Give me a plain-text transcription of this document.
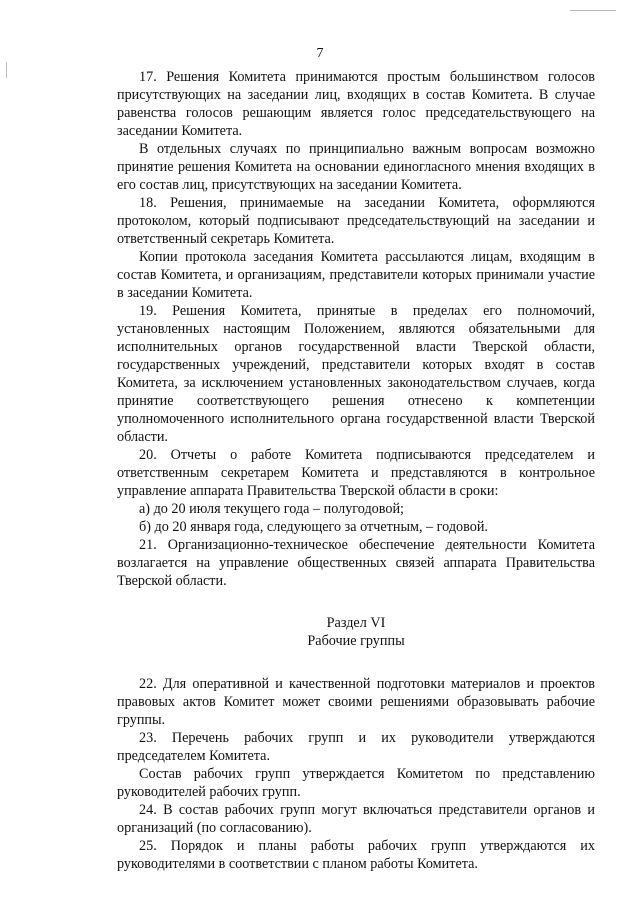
7

17. Решения Комитета принимаются простым большинством голосов присутствующих на заседании лиц, входящих в состав Комитета. В случае равенства голосов решающим является голос председательствующего на заседании Комитета.

В отдельных случаях по принципиально важным вопросам возможно принятие решения Комитета на основании единогласного мнения входящих в его состав лиц, присутствующих на заседании Комитета.

18. Решения, принимаемые на заседании Комитета, оформляются протоколом, который подписывают председательствующий на заседании и ответственный секретарь Комитета.

Копии протокола заседания Комитета рассылаются лицам, входящим в состав Комитета, и организациям, представители которых принимали участие в заседании Комитета.

19. Решения Комитета, принятые в пределах его полномочий, установленных настоящим Положением, являются обязательными для исполнительных органов государственной власти Тверской области, государственных учреждений, представители которых входят в состав Комитета, за исключением установленных законодательством случаев, когда принятие соответствующего решения отнесено к компетенции уполномоченного исполнительного органа государственной власти Тверской области.

20. Отчеты о работе Комитета подписываются председателем и ответственным секретарем Комитета и представляются в контрольное управление аппарата Правительства Тверской области в сроки:

а) до 20 июля текущего года – полугодовой;

б) до 20 января года, следующего за отчетным, – годовой.

21. Организационно-техническое обеспечение деятельности Комитета возлагается на управление общественных связей аппарата Правительства Тверской области.

Раздел VI
Рабочие группы

22. Для оперативной и качественной подготовки материалов и проектов правовых актов Комитет может своими решениями образовывать рабочие группы.

23. Перечень рабочих групп и их руководители утверждаются председателем Комитета.

Состав рабочих групп утверждается Комитетом по представлению руководителей рабочих групп.

24. В состав рабочих групп могут включаться представители органов и организаций (по согласованию).

25. Порядок и планы работы рабочих групп утверждаются их руководителями в соответствии с планом работы Комитета.
